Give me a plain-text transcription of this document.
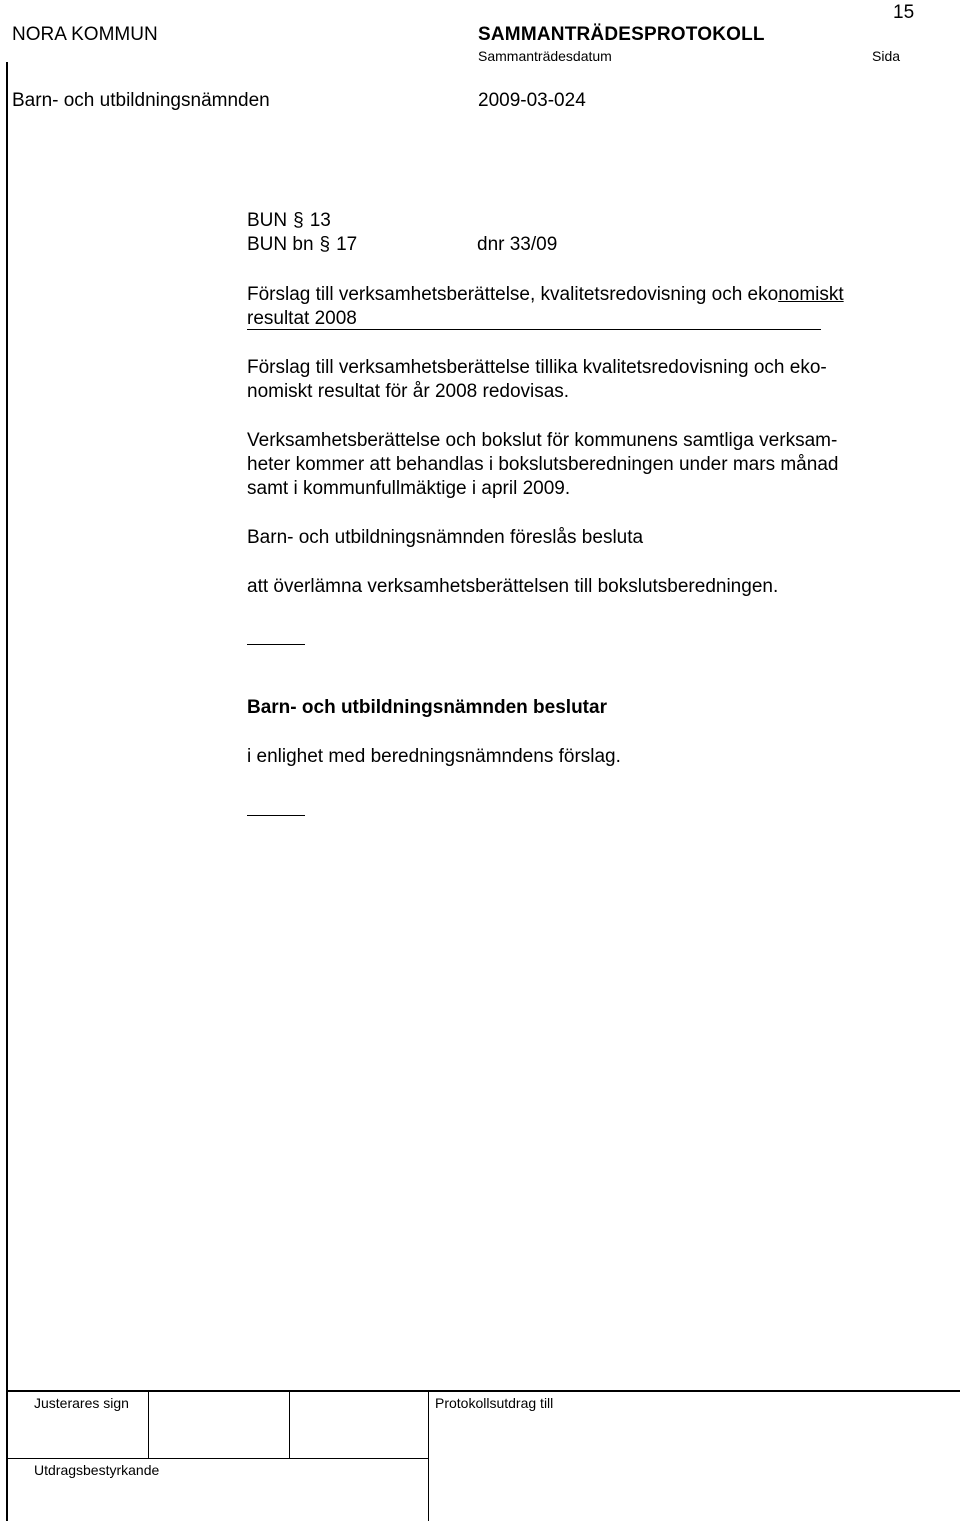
15
NORA KOMMUN	SAMMANTRÄDESPROTOKOLL
Sammanträdesdatum	Sida
Barn- och utbildningsnämnden	2009-03-024
BUN § 13
BUN bn § 17	dnr 33/09
Förslag till verksamhetsberättelse, kvalitetsredovisning och ekonomiskt
resultat 2008
Förslag till verksamhetsberättelse tillika kvalitetsredovisning och eko-
nomiskt resultat för år 2008 redovisas.
Verksamhetsberättelse och bokslut för kommunens samtliga verksam-
heter kommer att behandlas i bokslutsberedningen under mars månad
samt i kommunfullmäktige i april 2009.
Barn- och utbildningsnämnden föreslås besluta
att överlämna verksamhetsberättelsen till bokslutsberedningen.
Barn- och utbildningsnämnden beslutar
i enlighet med beredningsnämndens förslag.
Justerares sign	Protokollsutdrag till
Utdragsbestyrkande
